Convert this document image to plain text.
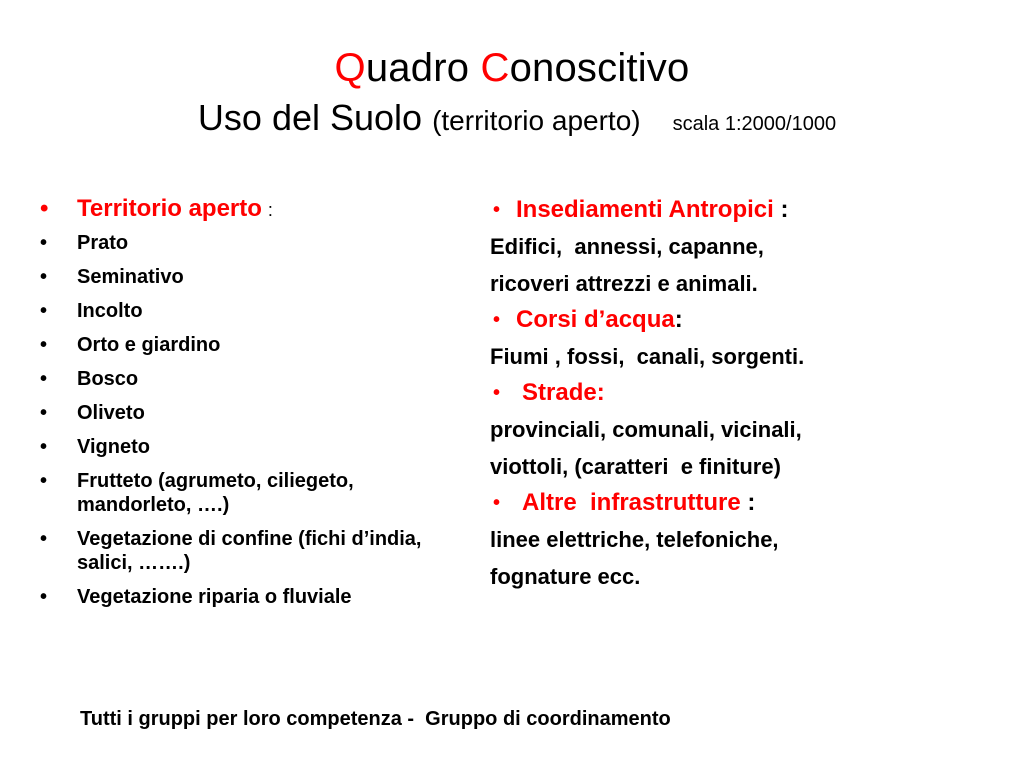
Quadro Conoscitivo
Uso del Suolo (territorio aperto) scala 1:2000/1000
• Territorio aperto :
• Prato
• Seminativo
• Incolto
• Orto e giardino
• Bosco
• Oliveto
• Vigneto
• Frutteto (agrumeto, ciliegeto, mandorleto, ….)
• Vegetazione di confine (fichi d’india, salici, …….)
• Vegetazione riparia o fluviale
• Insediamenti Antropici :
Edifici,  annessi, capanne,
ricoveri attrezzi e animali.
• Corsi d’acqua:
Fiumi , fossi,  canali, sorgenti.
• Strade:
provinciali, comunali, vicinali,
viottoli, (caratteri  e finiture)
• Altre  infrastrutture :
linee elettriche, telefoniche,
fognature ecc.
Tutti i gruppi per loro competenza -  Gruppo di coordinamento
